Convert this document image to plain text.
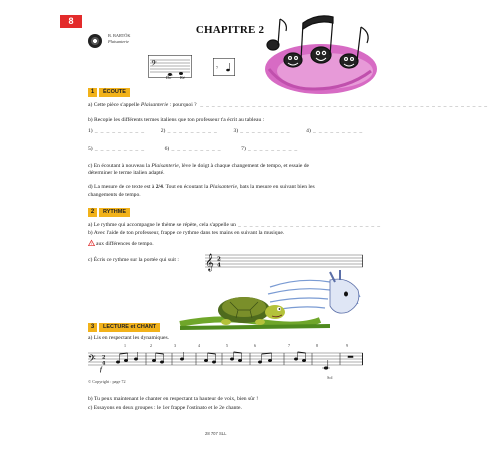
8
CHAPITRE 2
B. BARTÓK
Plaisanterie
𝄢
Do Ré
𝄾
1	ÉCOUTE
a) Cette pièce s'appelle Plaisanterie : pourquoi ?  _ _ _ _ _ _ _ _ _ _ _ _ _ _ _ _ _ _ _ _ _ _ _ _ _ _ _ _ _ _ _ _ _ _ _ _ _ _ _ _ _ _ _ _ _ _ _ _ _ _
b) Recopie les différents termes italiens que ton professeur t'a écrit au tableau :
1) _ _ _ _ _ _ _ _ _	2) _ _ _ _ _ _ _ _ _	3) _ _ _ _ _ _ _ _ _	4) _ _ _ _ _ _ _ _ _
5) _ _ _ _ _ _ _ _ _	6) _ _ _ _ _ _ _ _ _	7) _ _ _ _ _ _ _ _ _
c) En écoutant à nouveau la Plaisanterie, lève le doigt à chaque changement de tempo, et essaie de
déterminer le terme italien adapté.
d) La mesure de ce texte est à 2/4. Tout en écoutant la Plaisanterie, bats la mesure en suivant bien les
changements de tempo.
2	RYTHME
a) Le rythme qui accompagne le thème se répète, cela s'appelle un _ _ _ _ _ _ _ _ _ _ _ _ _ _ _ _ _ _ _ _ _ _ _ _ _
b) Avec l'aide de ton professeur, frappe ce rythme dans tes mains en suivant la musique.
! aux différences de tempo.
c) Écris ce rythme sur la portée qui suit :	𝄞 2
4
3	LECTURE et CHANT
a) Lis en respectant les dynamiques.
1	2	3	4	5	6	7	8	9
𝄢 2
4
f
Sol
© Copyright : page 72
b) Tu peux maintenant le chanter en respectant ta hauteur de voix, bien sûr !
c) Essayons en deux groupes : le 1er frappe l'ostinato et le 2e chante.
28 707 SLL
